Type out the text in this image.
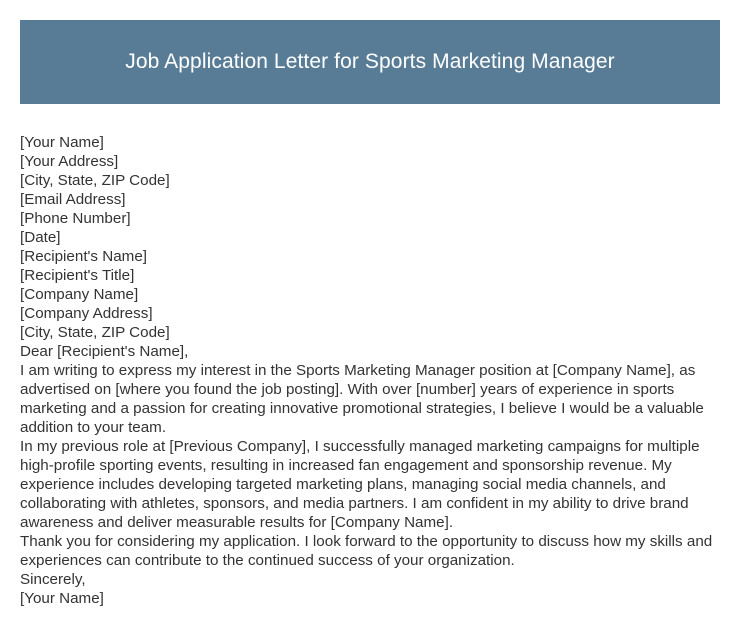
Job Application Letter for Sports Marketing Manager
[Your Name]
[Your Address]
[City, State, ZIP Code]
[Email Address]
[Phone Number]
[Date]
[Recipient's Name]
[Recipient's Title]
[Company Name]
[Company Address]
[City, State, ZIP Code]
Dear [Recipient's Name],
I am writing to express my interest in the Sports Marketing Manager position at [Company Name], as advertised on [where you found the job posting]. With over [number] years of experience in sports marketing and a passion for creating innovative promotional strategies, I believe I would be a valuable addition to your team.
In my previous role at [Previous Company], I successfully managed marketing campaigns for multiple high-profile sporting events, resulting in increased fan engagement and sponsorship revenue. My experience includes developing targeted marketing plans, managing social media channels, and collaborating with athletes, sponsors, and media partners. I am confident in my ability to drive brand awareness and deliver measurable results for [Company Name].
Thank you for considering my application. I look forward to the opportunity to discuss how my skills and experiences can contribute to the continued success of your organization.
Sincerely,
[Your Name]
